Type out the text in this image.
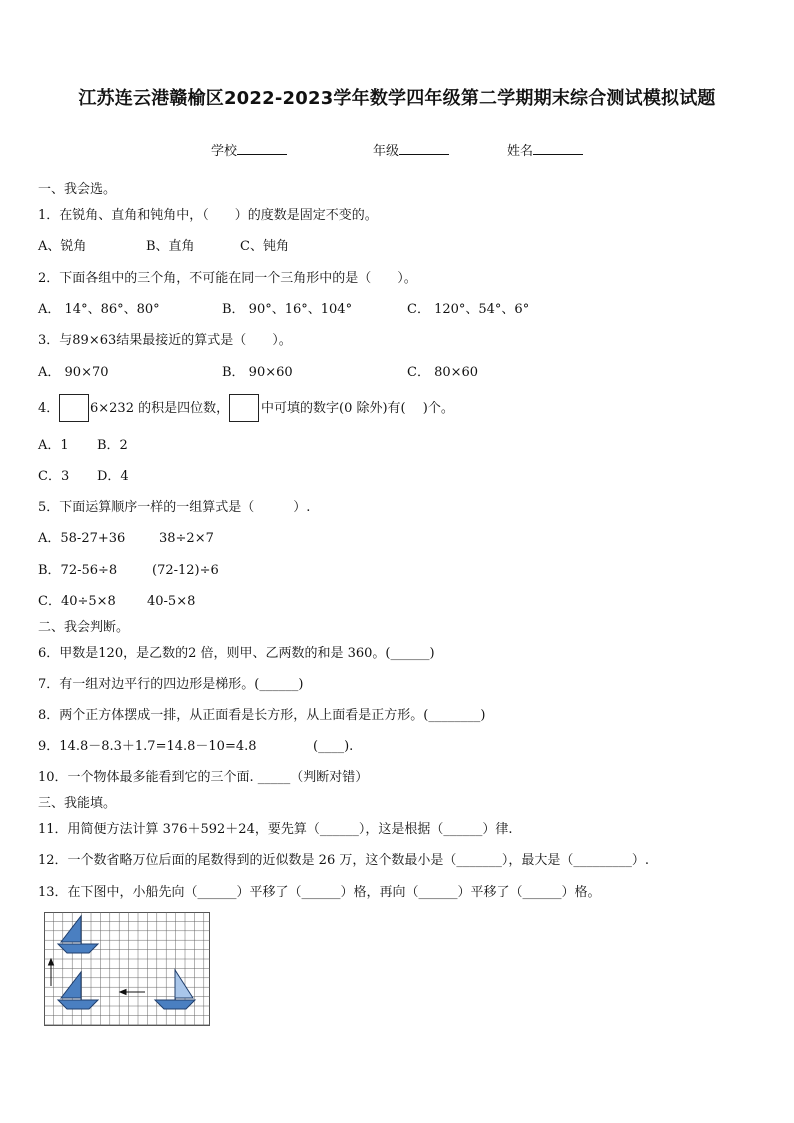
江苏连云港赣榆区2022-2023学年数学四年级第二学期期末综合测试模拟试题
学校	年级	姓名
一、我会选。
1．在锐角、直角和钝角中，（　　）的度数是固定不变的。
A、锐角	B、直角	C、钝角
2．下面各组中的三个角，不可能在同一个三角形中的是（　　）。
A． 14°、86°、80°	B． 90°、16°、104°	C． 120°、54°、6°
3．与89×63结果最接近的算式是（　　）。
A． 90×70	B． 90×60	C． 80×60
4． 6×232 的积是四位数， 中可填的数字(0 除外)有(　 )个。
A．1 B．2
C．3 D．4
5．下面运算顺序一样的一组算式是（　　　）.
A．58-27+36	38÷2×7
B．72-56÷8	(72-12)÷6
C．40÷5×8 40-5×8
二、我会判断。
6．甲数是120，是乙数的2 倍，则甲、乙两数的和是 360。(______)
7．有一组对边平行的四边形是梯形。(______)
8．两个正方体摆成一排，从正面看是长方形，从上面看是正方形。(________)
9．14.8－8.3＋1.7=14.8－10=4.8	(____).
10．一个物体最多能看到它的三个面. _____（判断对错）
三、我能填。
11．用简便方法计算 376＋592＋24，要先算（______），这是根据（______）律.
12．一个数省略万位后面的尾数得到的近似数是 26 万，这个数最小是（_______），最大是（_________）.
13．在下图中，小船先向（______）平移了（______）格，再向（______）平移了（______）格。
